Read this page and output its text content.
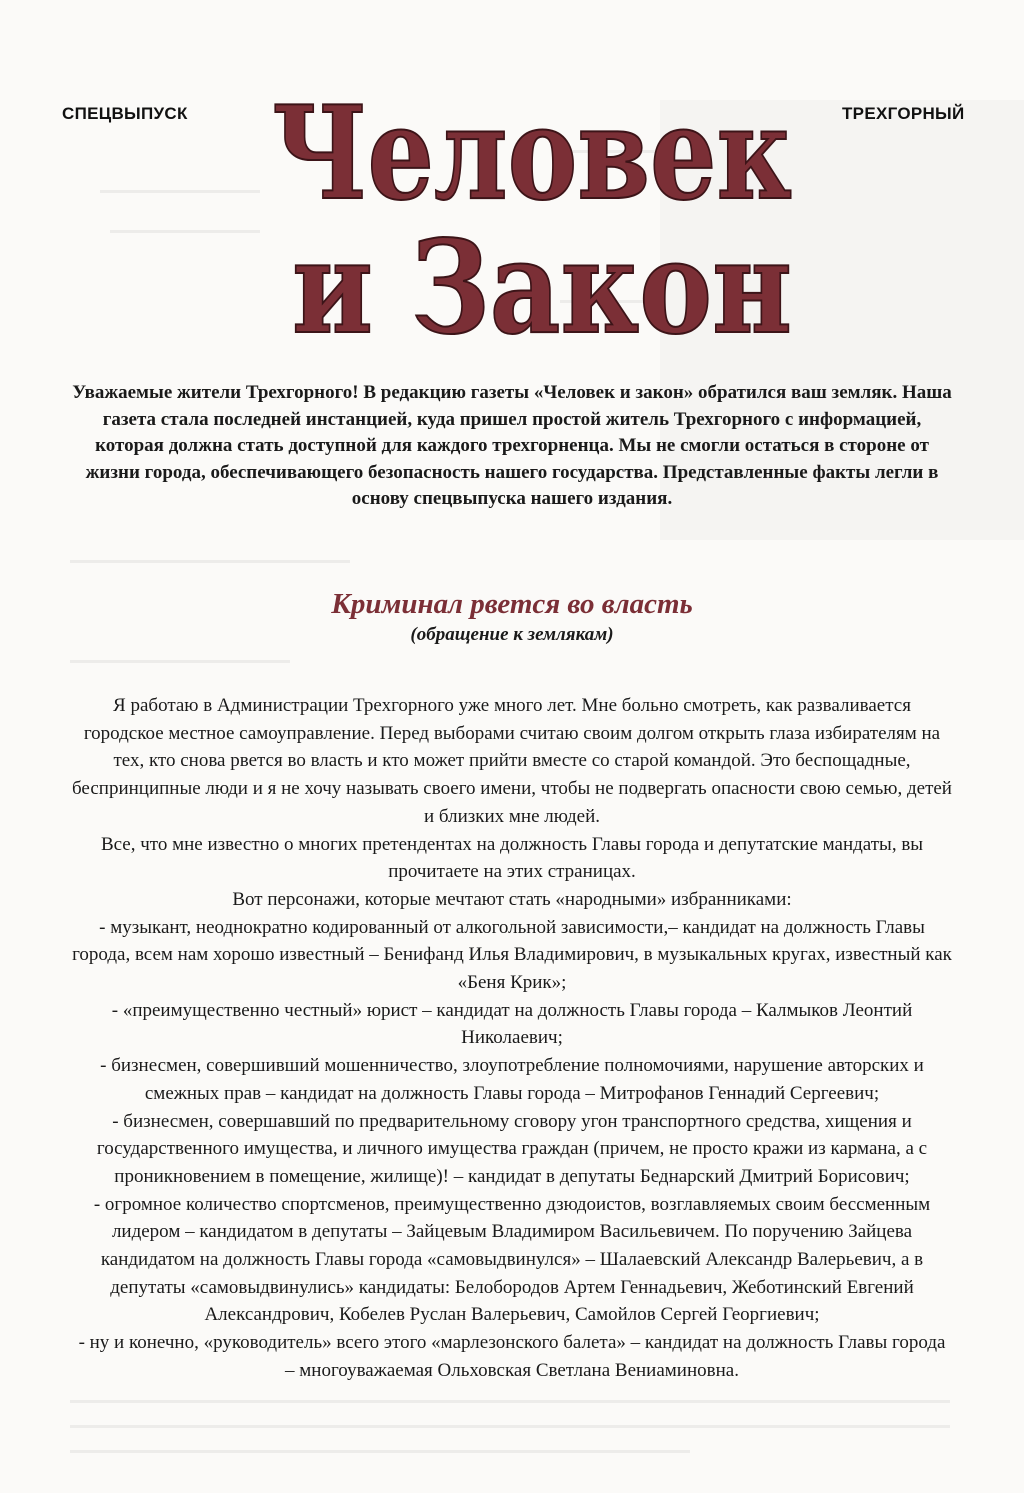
СПЕЦВЫПУСК	ТРЕХГОРНЫЙ
Человек
и Закон
Уважаемые жители Трехгорного! В редакцию газеты «Человек и закон» обратился ваш земляк. Наша газета стала последней инстанцией, куда пришел простой житель Трехгорного с информацией, которая должна стать доступной для каждого трехгорненца. Мы не смогли остаться в стороне от жизни города, обеспечивающего безопасность нашего государства. Представленные факты легли в основу спецвыпуска нашего издания.
Криминал рвется во власть
(обращение к землякам)

Я работаю в Администрации Трехгорного уже много лет. Мне больно смотреть, как разваливается городское местное самоуправление. Перед выборами считаю своим долгом открыть глаза избирателям на тех, кто снова рвется во власть и кто может прийти вместе со старой командой. Это беспощадные, беспринципные люди и я не хочу называть своего имени, чтобы не подвергать опасности свою семью, детей и близких мне людей.

Все, что мне известно о многих претендентах на должность Главы города и депутатские мандаты, вы прочитаете на этих страницах.

Вот персонажи, которые мечтают стать «народными» избранниками:

- музыкант, неоднократно кодированный от алкогольной зависимости,– кандидат на должность Главы города, всем нам хорошо известный – Бенифанд Илья Владимирович, в музыкальных кругах, известный как «Беня Крик»;

- «преимущественно честный» юрист – кандидат на должность Главы города – Калмыков Леонтий Николаевич;

- бизнесмен, совершивший мошенничество, злоупотребление полномочиями, нарушение авторских и смежных прав – кандидат на должность Главы города – Митрофанов Геннадий Сергеевич;

- бизнесмен, совершавший по предварительному сговору угон транспортного средства, хищения и государственного имущества, и личного имущества граждан (причем, не просто кражи из кармана, а с проникновением в помещение, жилище)! – кандидат в депутаты Беднарский Дмитрий Борисович;

- огромное количество спортсменов, преимущественно дзюдоистов, возглавляемых своим бессменным лидером – кандидатом в депутаты – Зайцевым Владимиром Васильевичем. По поручению Зайцева кандидатом на должность Главы города «самовыдвинулся» – Шалаевский Александр Валерьевич, а в депутаты «самовыдвинулись» кандидаты: Белобородов Артем Геннадьевич, Жеботинский Евгений Александрович, Кобелев Руслан Валерьевич, Самойлов Сергей Георгиевич;

- ну и конечно, «руководитель» всего этого «марлезонского балета» – кандидат на должность Главы города – многоуважаемая Ольховская Светлана Вениаминовна.
